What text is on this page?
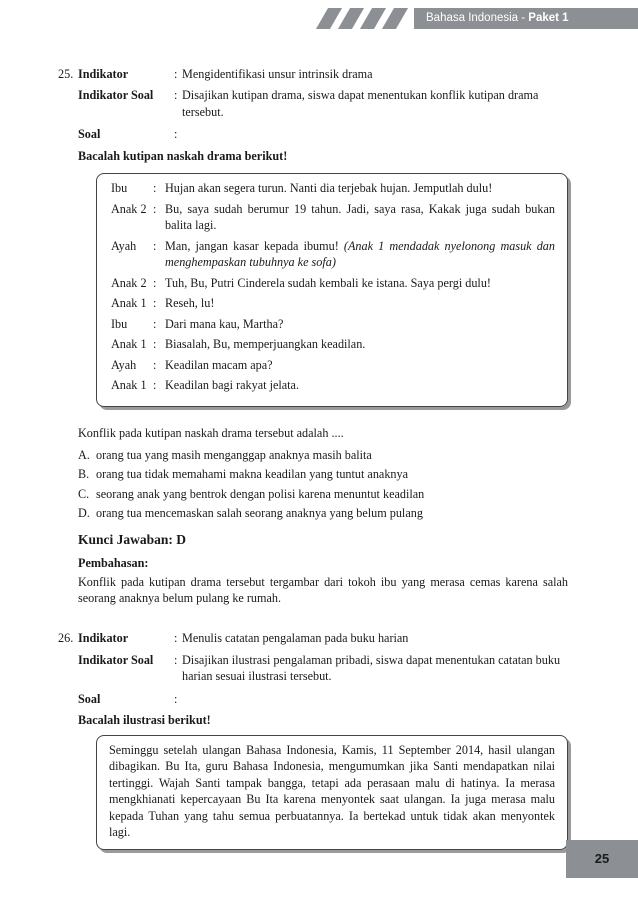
Bahasa Indonesia - Paket 1
25. Indikator	: Mengidentifikasi unsur intrinsik drama
Indikator Soal	: Disajikan kutipan drama, siswa dapat menentukan konflik kutipan drama tersebut.
Soal	:
Bacalah kutipan naskah drama berikut!
Ibu	: Hujan akan segera turun. Nanti dia terjebak hujan. Jemputlah dulu!
Anak 2 : Bu, saya sudah berumur 19 tahun. Jadi, saya rasa, Kakak juga sudah bukan balita lagi.
Ayah	: Man, jangan kasar kepada ibumu! (Anak 1 mendadak nyelonong masuk dan menghempaskan tubuhnya ke sofa)
Anak 2 : Tuh, Bu, Putri Cinderela sudah kembali ke istana. Saya pergi dulu!
Anak 1 : Reseh, lu!
Ibu	: Dari mana kau, Martha?
Anak 1 : Biasalah, Bu, memperjuangkan keadilan.
Ayah	: Keadilan macam apa?
Anak 1 : Keadilan bagi rakyat jelata.
Konflik pada kutipan naskah drama tersebut adalah ....
A. orang tua yang masih menganggap anaknya masih balita
B. orang tua tidak memahami makna keadilan yang tuntut anaknya
C. seorang anak yang bentrok dengan polisi karena menuntut keadilan
D. orang tua mencemaskan salah seorang anaknya yang belum pulang
Kunci Jawaban: D
Pembahasan:
Konflik pada kutipan drama tersebut tergambar dari tokoh ibu yang merasa cemas karena salah seorang anaknya belum pulang ke rumah.
26. Indikator	: Menulis catatan pengalaman pada buku harian
Indikator Soal	: Disajikan ilustrasi pengalaman pribadi, siswa dapat menentukan catatan buku harian sesuai ilustrasi tersebut.
Soal	:
Bacalah ilustrasi berikut!
Seminggu setelah ulangan Bahasa Indonesia, Kamis, 11 September 2014, hasil ulangan dibagikan. Bu Ita, guru Bahasa Indonesia, mengumumkan jika Santi mendapatkan nilai tertinggi. Wajah Santi tampak bangga, tetapi ada perasaan malu di hatinya. Ia merasa mengkhianati kepercayaan Bu Ita karena menyontek saat ulangan. Ia juga merasa malu kepada Tuhan yang tahu semua perbuatannya. Ia bertekad untuk tidak akan menyontek lagi.
25
